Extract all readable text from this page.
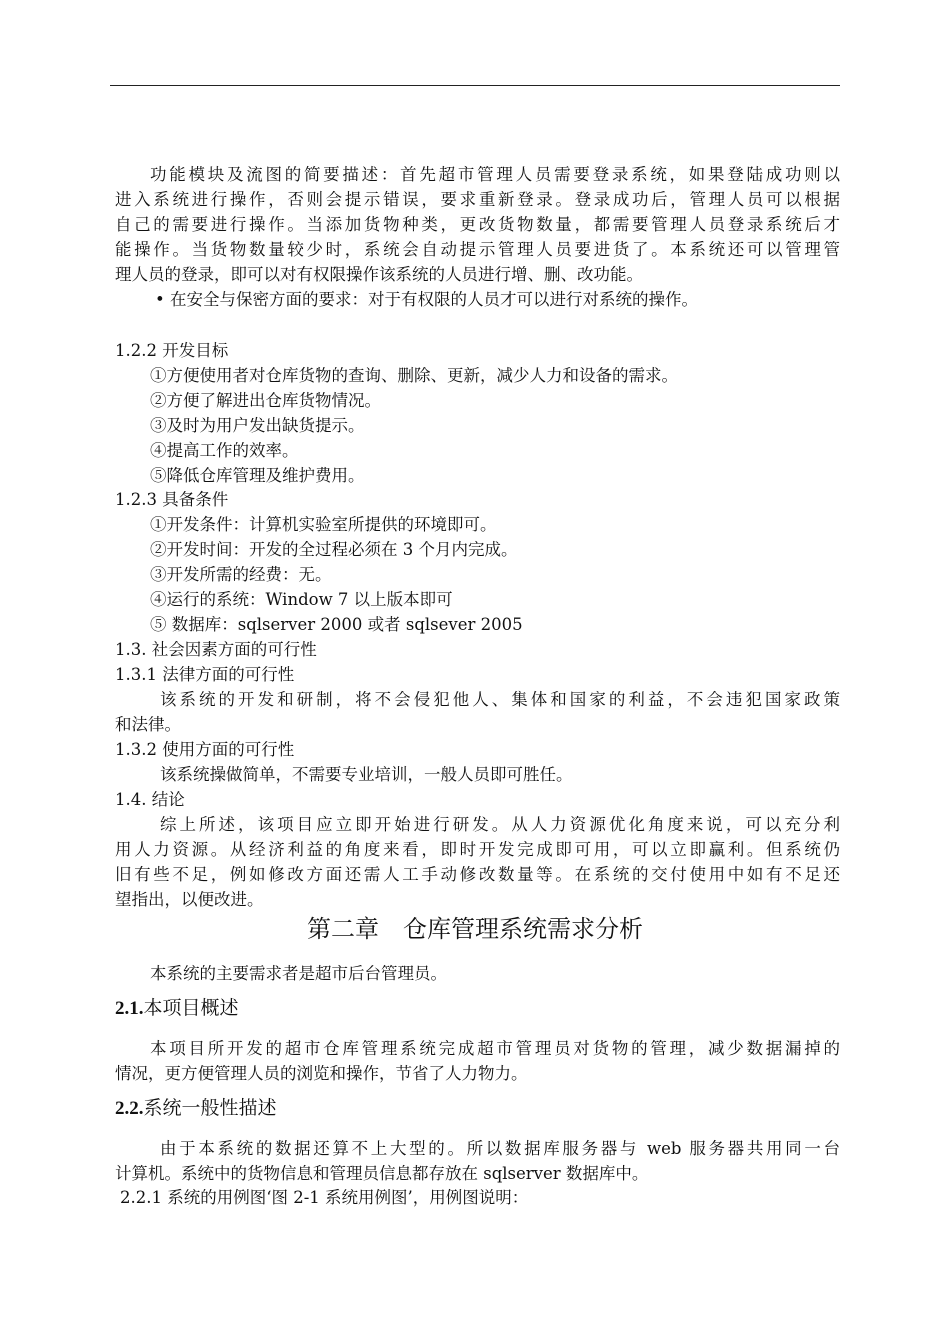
功能模块及流图的简要描述：首先超市管理人员需要登录系统，如果登陆成功则以
进入系统进行操作，否则会提示错误，要求重新登录。登录成功后，管理人员可以根据
自己的需要进行操作。当添加货物种类，更改货物数量，都需要管理人员登录系统后才
能操作。当货物数量较少时，系统会自动提示管理人员要进货了。本系统还可以管理管
理人员的登录，即可以对有权限操作该系统的人员进行增、删、改功能。
• 在安全与保密方面的要求：对于有权限的人员才可以进行对系统的操作。
1.2.2 开发目标
①方便使用者对仓库货物的查询、删除、更新，减少人力和设备的需求。
②方便了解进出仓库货物情况。
③及时为用户发出缺货提示。
④提高工作的效率。
⑤降低仓库管理及维护费用。
1.2.3 具备条件
①开发条件：计算机实验室所提供的环境即可。
②开发时间：开发的全过程必须在 3 个月内完成。
③开发所需的经费：无。
④运行的系统：Window 7 以上版本即可
⑤ 数据库：sqlserver 2000 或者 sqlsever 2005
1.3. 社会因素方面的可行性
1.3.1 法律方面的可行性
该系统的开发和研制，将不会侵犯他人、集体和国家的利益，不会违犯国家政策
和法律。
1.3.2 使用方面的可行性
该系统操做简单，不需要专业培训，一般人员即可胜任。
1.4. 结论
综上所述，该项目应立即开始进行研发。从人力资源优化角度来说，可以充分利
用人力资源。从经济利益的角度来看，即时开发完成即可用，可以立即赢利。但系统仍
旧有些不足，例如修改方面还需人工手动修改数量等。在系统的交付使用中如有不足还
望指出，以便改进。
第二章　仓库管理系统需求分析
本系统的主要需求者是超市后台管理员。
2.1.本项目概述
本项目所开发的超市仓库管理系统完成超市管理员对货物的管理，减少数据漏掉的
情况，更方便管理人员的浏览和操作，节省了人力物力。
2.2.系统一般性描述
由于本系统的数据还算不上大型的。所以数据库服务器与 web 服务器共用同一台
计算机。系统中的货物信息和管理员信息都存放在 sqlserver 数据库中。
2.2.1 系统的用例图‘图 2-1 系统用例图’，用例图说明：
